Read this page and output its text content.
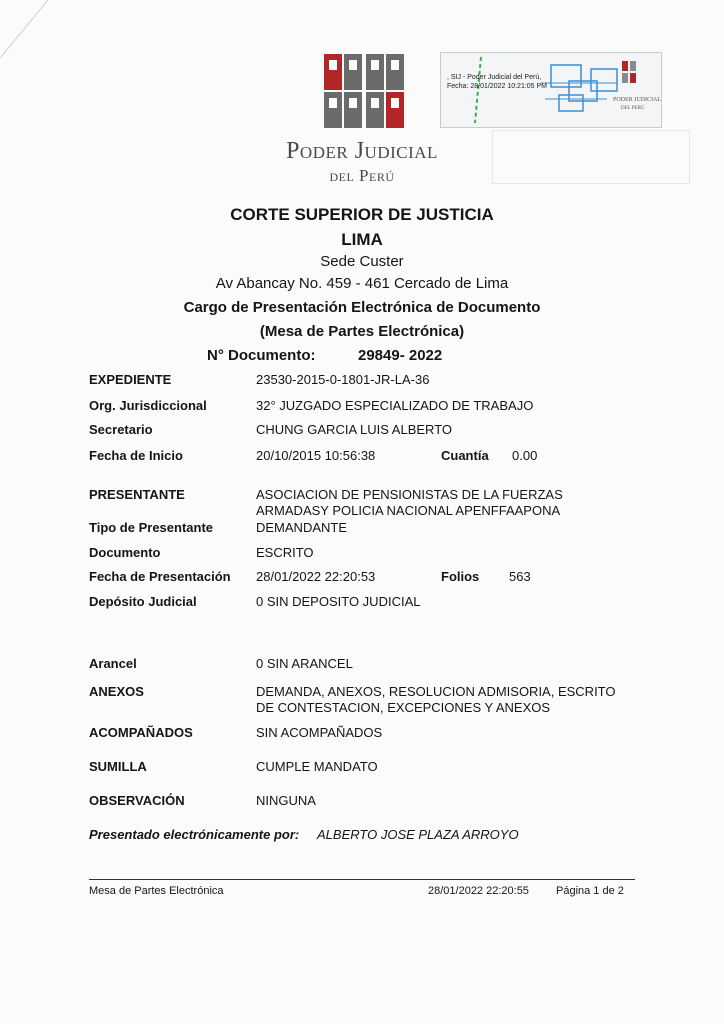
Poder Judicial
del Perú
PODER JUDICIAL
DEL PERÚ
, SIJ - Poder Judicial del Perú,
Fecha: 28/01/2022 10:21:05 PM
CORTE SUPERIOR DE JUSTICIA
LIMA
Sede Custer
Av Abancay No. 459 - 461 Cercado de Lima
Cargo de Presentación Electrónica de Documento
(Mesa de Partes Electrónica)
N° Documento:	29849- 2022
EXPEDIENTE	23530-2015-0-1801-JR-LA-36
Org. Jurisdiccional	32° JUZGADO ESPECIALIZADO DE TRABAJO
Secretario	CHUNG GARCIA LUIS ALBERTO
Fecha de Inicio	20/10/2015 10:56:38	Cuantía 0.00
PRESENTANTE	ASOCIACION DE PENSIONISTAS DE LA FUERZAS
ARMADASY POLICIA NACIONAL APENFFAAPONA
Tipo de Presentante	DEMANDANTE
Documento	ESCRITO
Fecha de Presentación 28/01/2022 22:20:53	Folios 563
Depósito Judicial	0 SIN DEPOSITO JUDICIAL
Arancel	0 SIN ARANCEL
ANEXOS	DEMANDA, ANEXOS, RESOLUCION ADMISORIA, ESCRITO
DE CONTESTACION, EXCEPCIONES Y ANEXOS
ACOMPAÑADOS	SIN ACOMPAÑADOS
SUMILLA	CUMPLE MANDATO
OBSERVACIÓN	NINGUNA
Presentado electrónicamente por: ALBERTO JOSE PLAZA ARROYO
Mesa de Partes Electrónica	28/01/2022 22:20:55 Página 1 de 2
